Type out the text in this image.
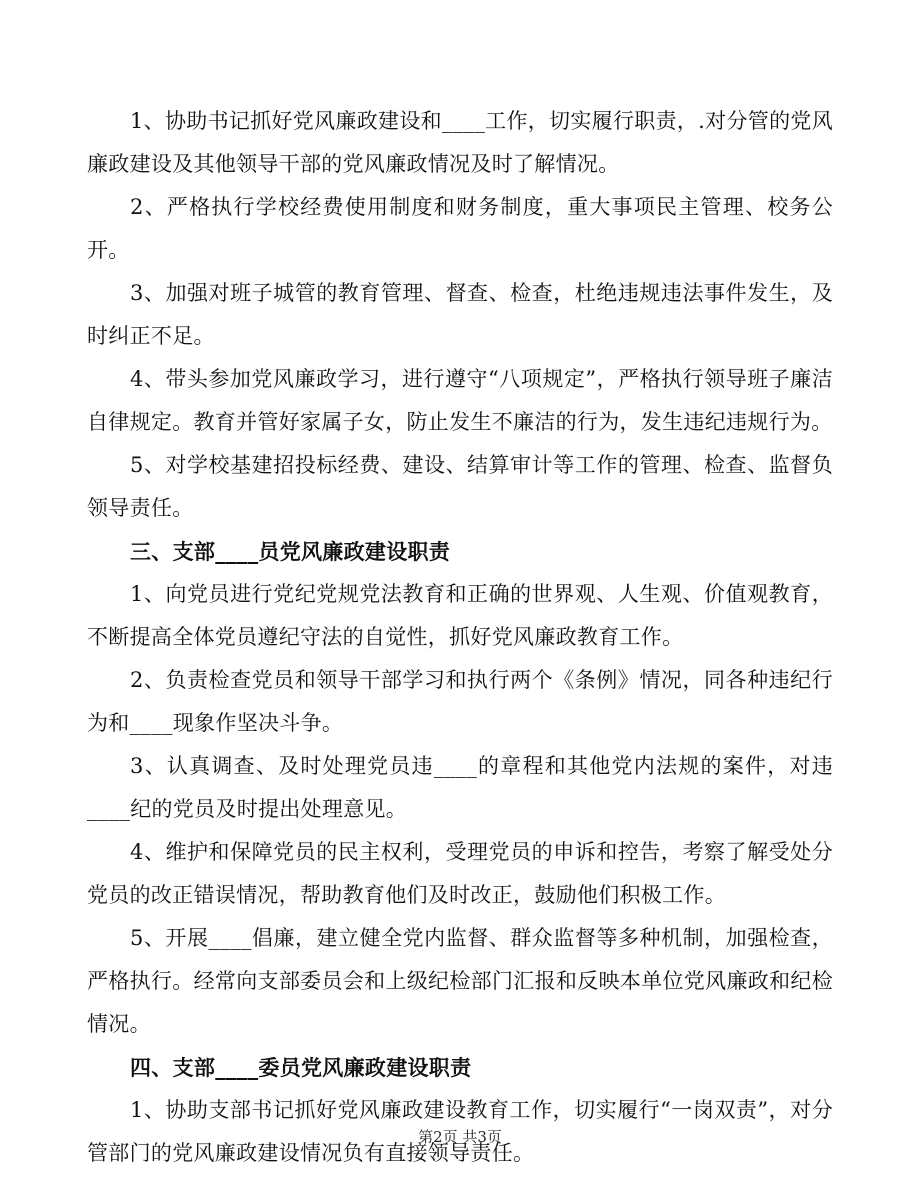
1、协助书记抓好党风廉政建设和____工作，切实履行职责，.对分管的党风廉政建设及其他领导干部的党风廉政情况及时了解情况。

2、严格执行学校经费使用制度和财务制度，重大事项民主管理、校务公开。

3、加强对班子城管的教育管理、督查、检查，杜绝违规违法事件发生，及时纠正不足。

4、带头参加党风廉政学习，进行遵守“八项规定”，严格执行领导班子廉洁自律规定。教育并管好家属子女，防止发生不廉洁的行为，发生违纪违规行为。

5、对学校基建招投标经费、建设、结算审计等工作的管理、检查、监督负领导责任。

三、支部____员党风廉政建设职责

1、向党员进行党纪党规党法教育和正确的世界观、人生观、价值观教育，不断提高全体党员遵纪守法的自觉性，抓好党风廉政教育工作。

2、负责检查党员和领导干部学习和执行两个《条例》情况，同各种违纪行为和____现象作坚决斗争。

3、认真调查、及时处理党员违____的章程和其他党内法规的案件，对违____纪的党员及时提出处理意见。

4、维护和保障党员的民主权利，受理党员的申诉和控告，考察了解受处分党员的改正错误情况，帮助教育他们及时改正，鼓励他们积极工作。

5、开展____倡廉，建立健全党内监督、群众监督等多种机制，加强检查，严格执行。经常向支部委员会和上级纪检部门汇报和反映本单位党风廉政和纪检情况。

四、支部____委员党风廉政建设职责

1、协助支部书记抓好党风廉政建设教育工作，切实履行“一岗双责”，对分管部门的党风廉政建设情况负有直接领导责任。

第2页 共3页
